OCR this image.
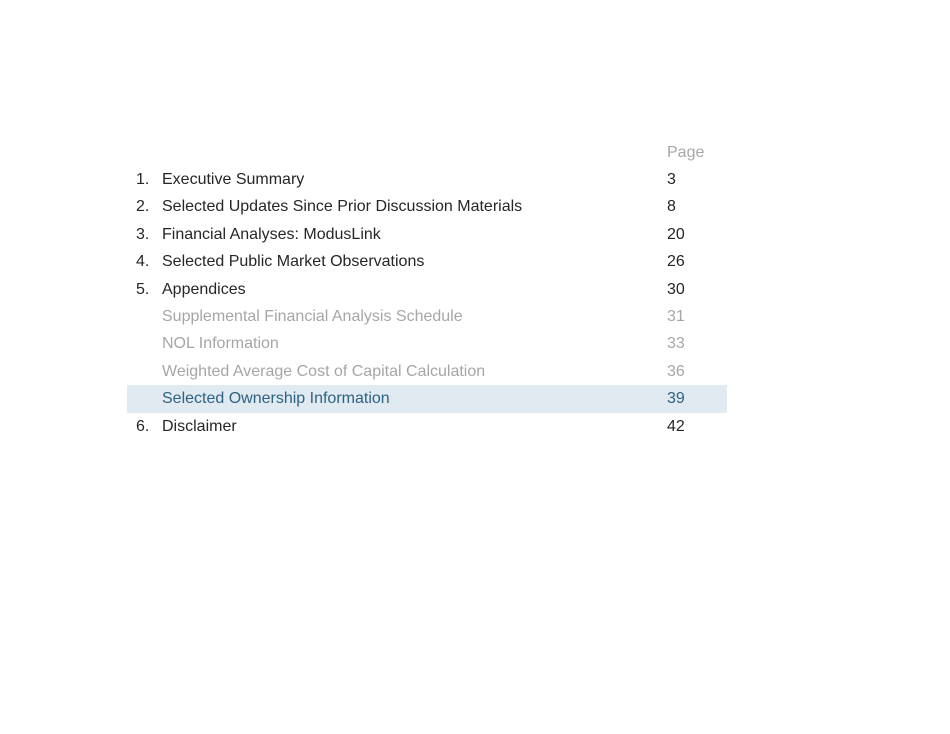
Page
1. Executive Summary	3
2. Selected Updates Since Prior Discussion Materials	8
3. Financial Analyses: ModusLink	20
4. Selected Public Market Observations	26
5. Appendices	30
Supplemental Financial Analysis Schedule	31
NOL Information	33
Weighted Average Cost of Capital Calculation	36
Selected Ownership Information	39
6. Disclaimer	42
